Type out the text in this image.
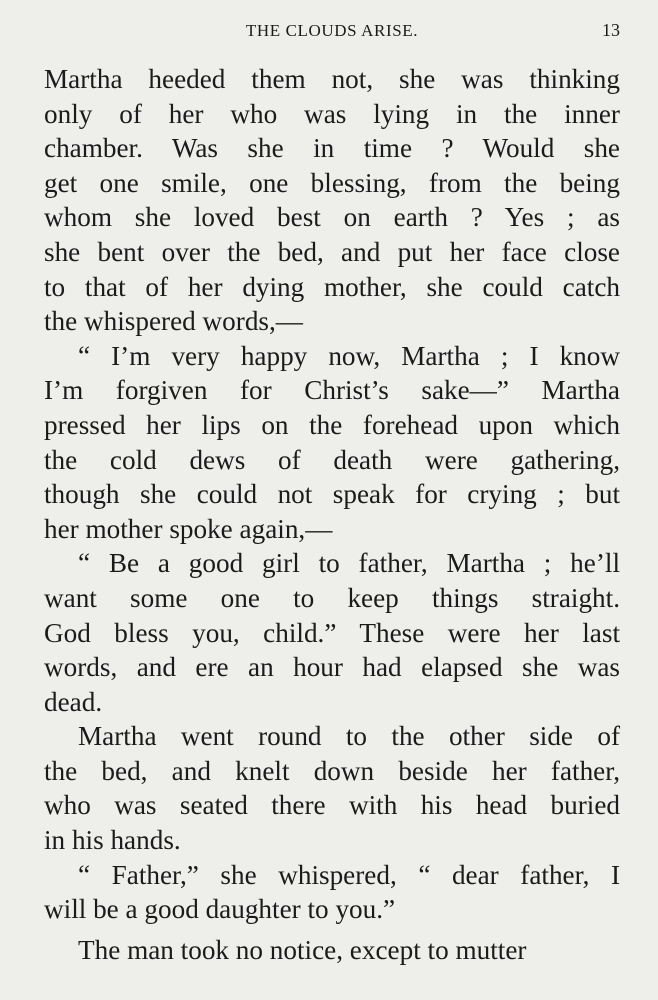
THE CLOUDS ARISE.	13
Martha heeded them not, she was thinking
only of her who was lying in the inner
chamber. Was she in time ? Would she
get one smile, one blessing, from the being
whom she loved best on earth ? Yes ; as
she bent over the bed, and put her face close
to that of her dying mother, she could catch
the whispered words,—
“ I’m very happy now, Martha ; I know
I’m forgiven for Christ’s sake—” Martha
pressed her lips on the forehead upon which
the cold dews of death were gathering,
though she could not speak for crying ; but
her mother spoke again,—
“ Be a good girl to father, Martha ; he’ll
want some one to keep things straight.
God bless you, child.” These were her last
words, and ere an hour had elapsed she was
dead.
Martha went round to the other side of
the bed, and knelt down beside her father,
who was seated there with his head buried
in his hands.
“ Father,” she whispered, “ dear father, I
will be a good daughter to you.”
The man took no notice, except to mutter
